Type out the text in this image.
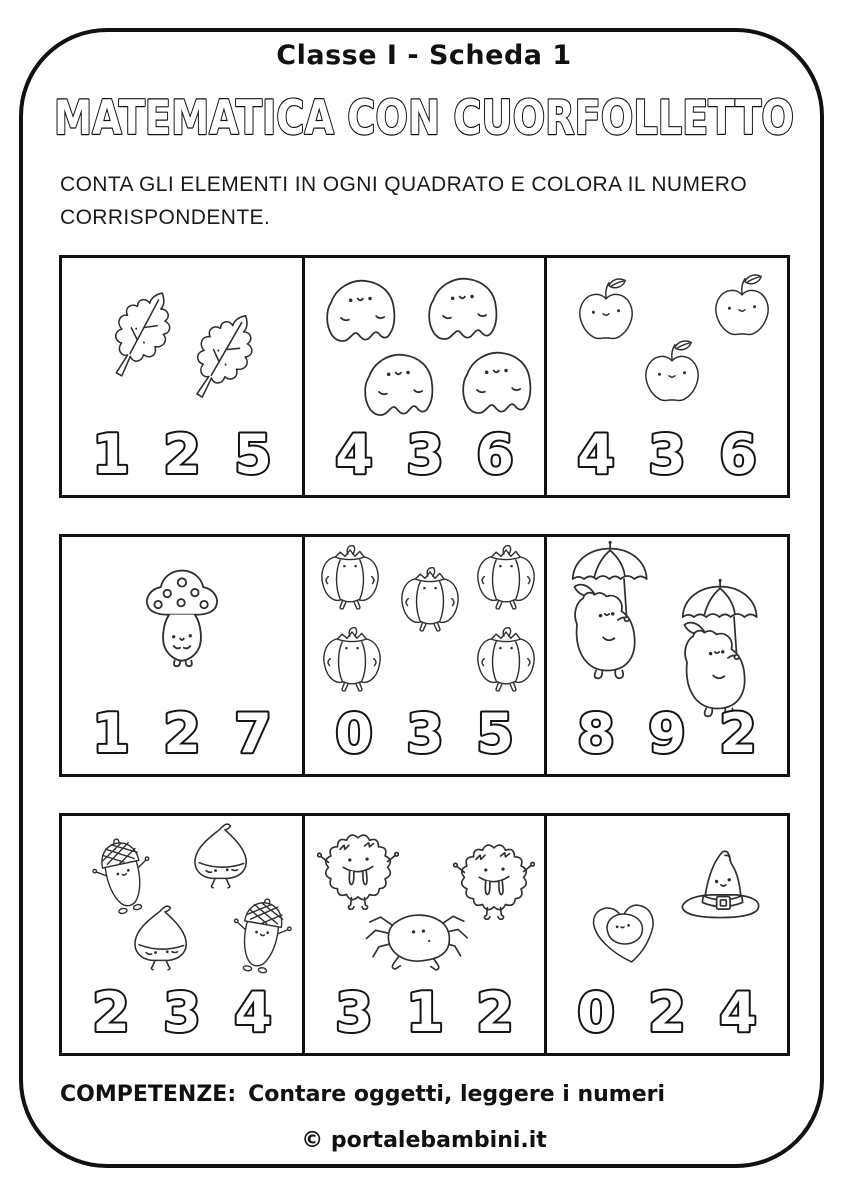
Classe I - Scheda 1
MATEMATICA CON CUORFOLLETTO
CONTA GLI ELEMENTI IN OGNI QUADRATO E COLORA IL NUMERO CORRISPONDENTE.
1 2 5 4 3 6 4 3 6
1 2 7 0 3 5 8 9 2
2 3 4 3 1 2 0 2 4
COMPETENZE: Contare oggetti, leggere i numeri
© portalebambini.it
